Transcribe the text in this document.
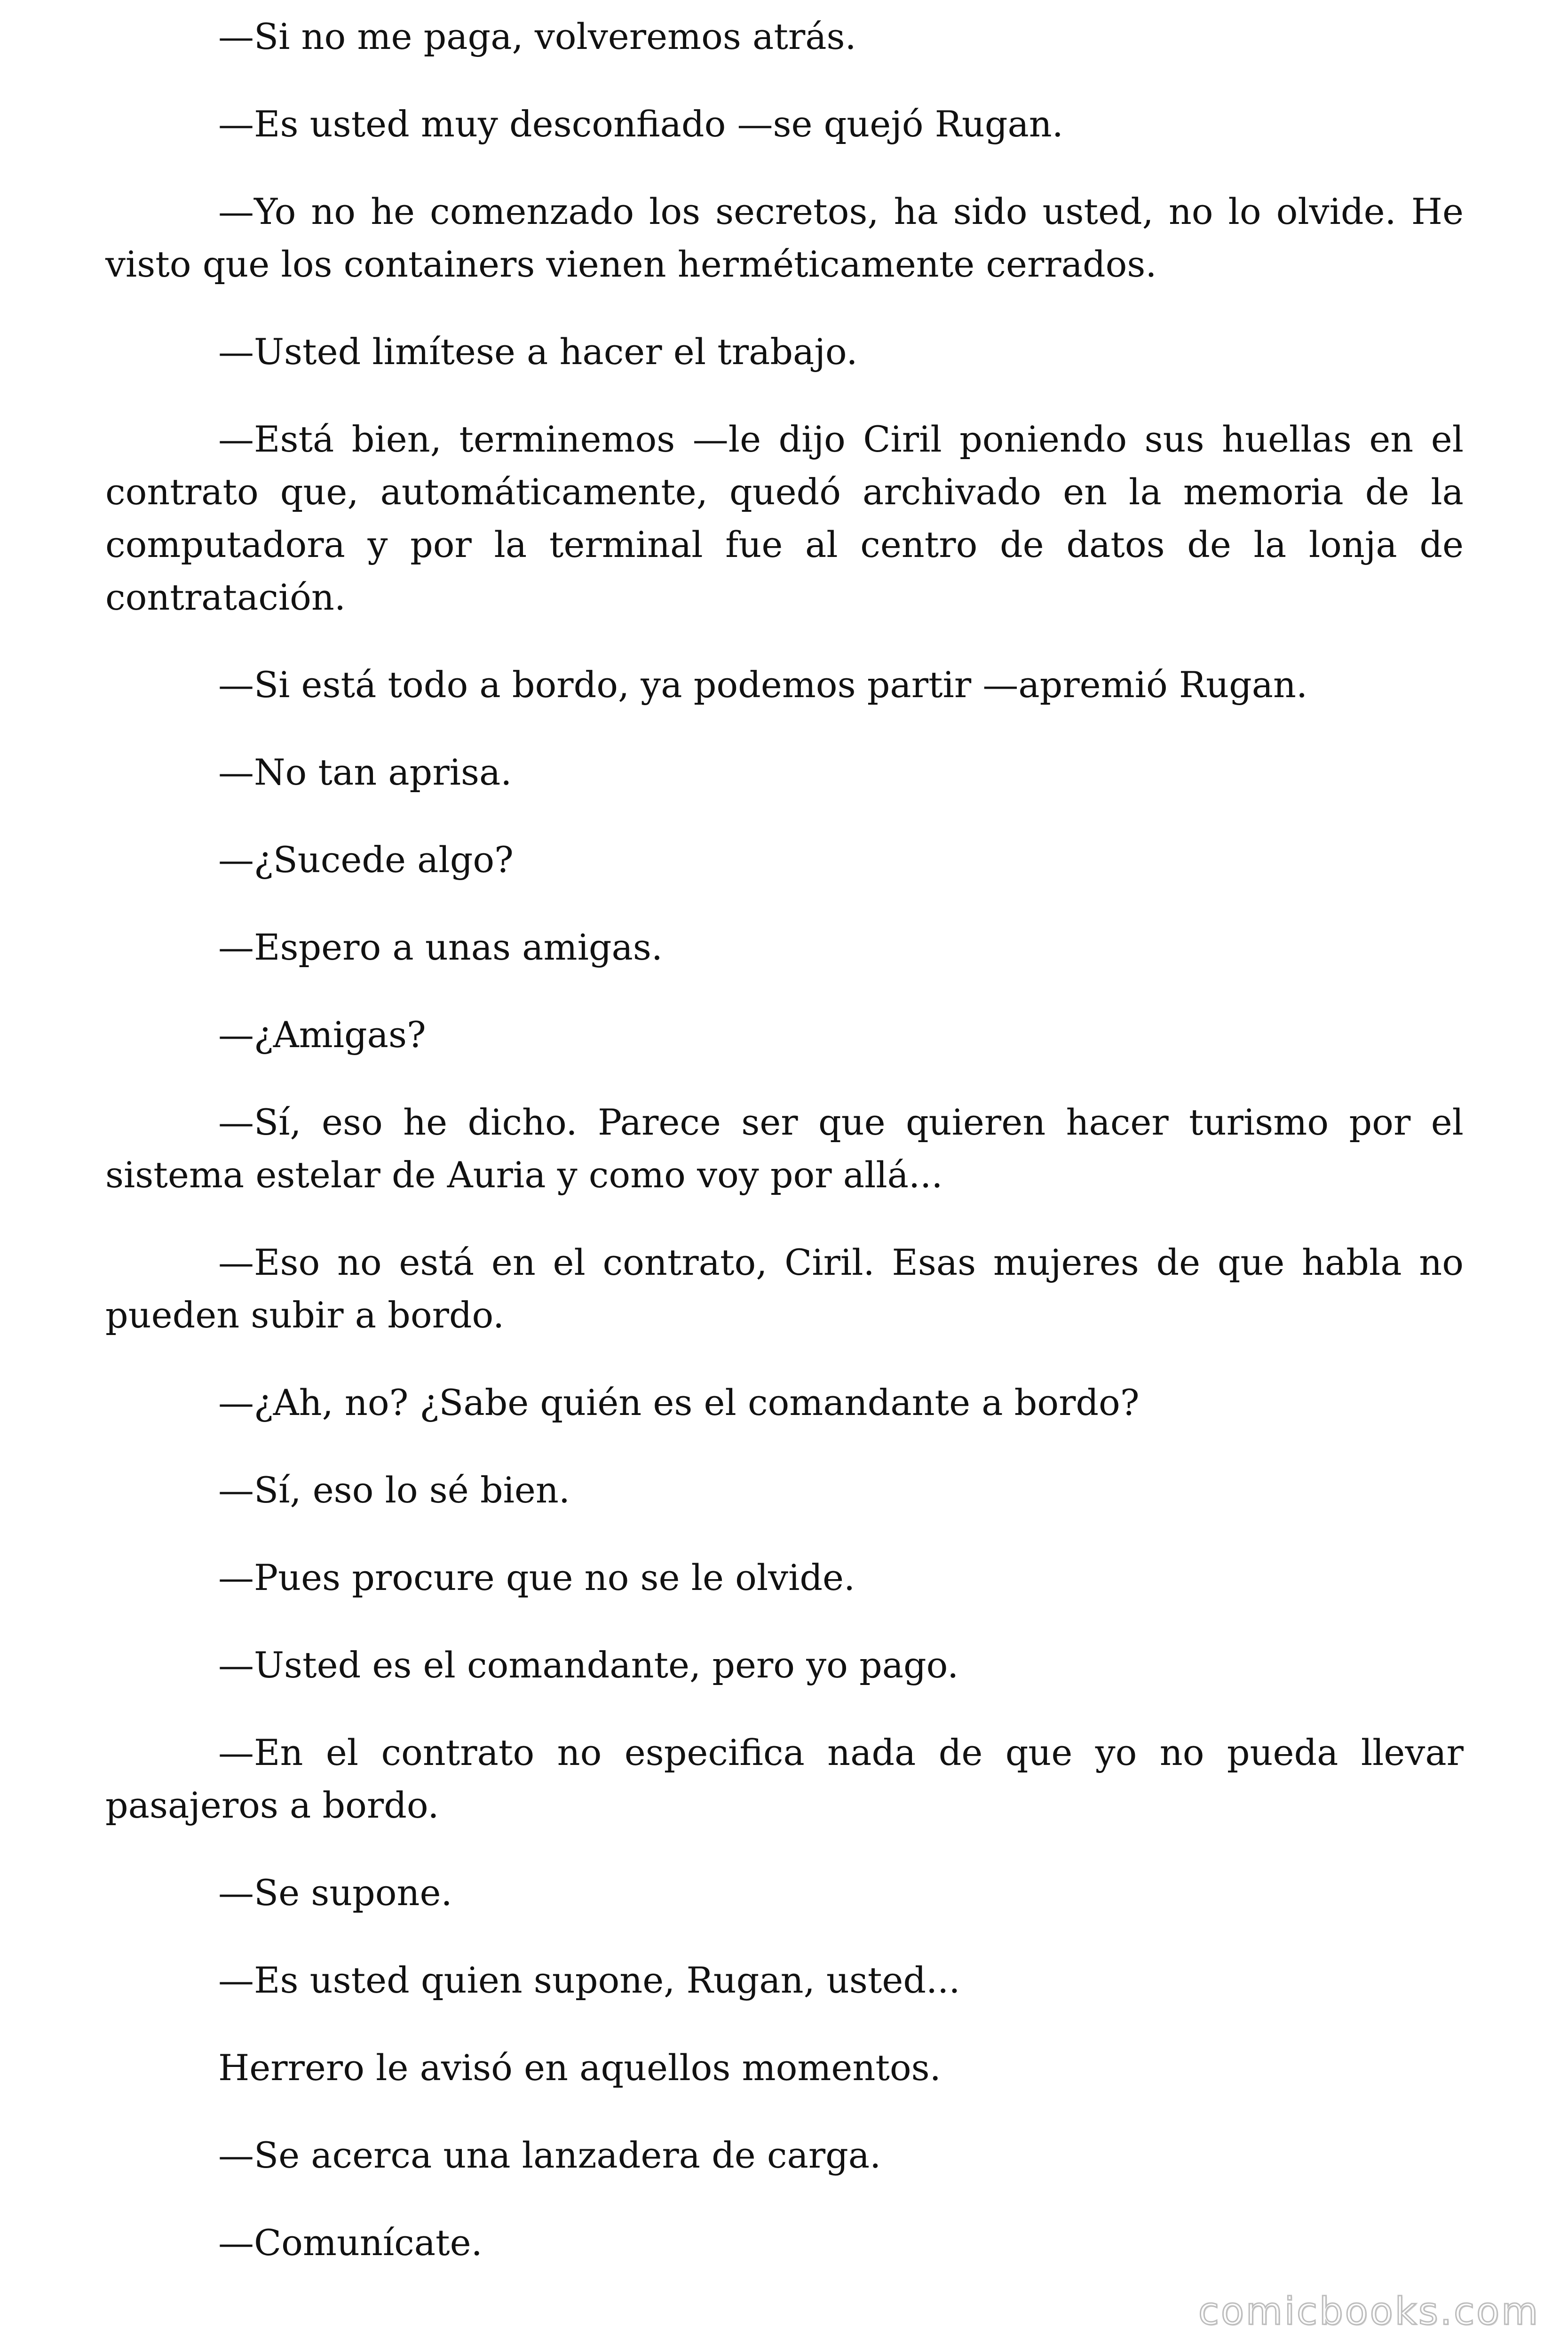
—Si no me paga, volveremos atrás.

—Es usted muy desconfiado —se quejó Rugan.

—Yo no he comenzado los secretos, ha sido usted, no lo olvide. He visto que los containers vienen herméticamente cerrados.

—Usted limítese a hacer el trabajo.

—Está bien, terminemos —le dijo Ciril poniendo sus huellas en el contrato que, automáticamente, quedó archivado en la memoria de la computadora y por la terminal fue al centro de datos de la lonja de contratación.

—Si está todo a bordo, ya podemos partir —apremió Rugan.

—No tan aprisa.

—¿Sucede algo?

—Espero a unas amigas.

—¿Amigas?

—Sí, eso he dicho. Parece ser que quieren hacer turismo por el sistema estelar de Auria y como voy por allá...

—Eso no está en el contrato, Ciril. Esas mujeres de que habla no pueden subir a bordo.

—¿Ah, no? ¿Sabe quién es el comandante a bordo?

—Sí, eso lo sé bien.

—Pues procure que no se le olvide.

—Usted es el comandante, pero yo pago.

—En el contrato no especifica nada de que yo no pueda llevar pasajeros a bordo.

—Se supone.

—Es usted quien supone, Rugan, usted...

Herrero le avisó en aquellos momentos.

—Se acerca una lanzadera de carga.

—Comunícate.

comicbooks.com
